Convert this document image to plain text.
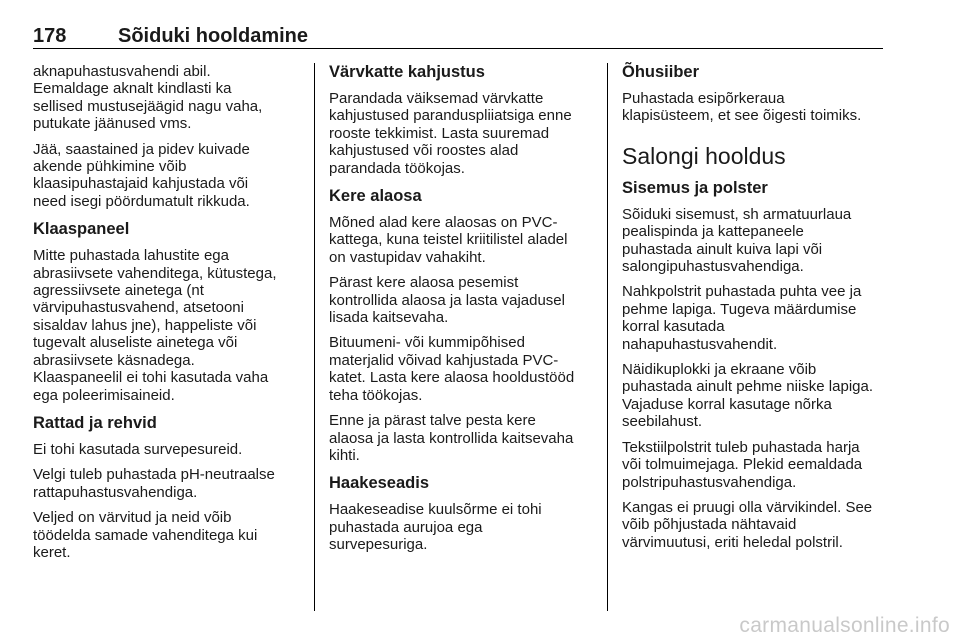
178	Sõiduki hooldamine

aknapuhastusvahendi abil.
Eemaldage aknalt kindlasti ka
sellised mustusejäägid nagu vaha,
putukate jäänused vms.

Jää, saastained ja pidev kuivade
akende pühkimine võib
klaasipuhastajaid kahjustada või
need isegi pöördumatult rikkuda.

Klaaspaneel

Mitte puhastada lahustite ega
abrasiivsete vahenditega, kütustega,
agressiivsete ainetega (nt
värvipuhastusvahend, atsetooni
sisaldav lahus jne), happeliste või
tugevalt aluseliste ainetega või
abrasiivsete käsnadega.
Klaaspaneelil ei tohi kasutada vaha
ega poleerimisaineid.

Rattad ja rehvid

Ei tohi kasutada survepesureid.

Velgi tuleb puhastada pH-neutraalse
rattapuhastusvahendiga.

Veljed on värvitud ja neid võib
töödelda samade vahenditega kui
keret.

Värvkatte kahjustus

Parandada väiksemad värvkatte
kahjustused paranduspliiatsiga enne
rooste tekkimist. Lasta suuremad
kahjustused või roostes alad
parandada töökojas.

Kere alaosa

Mõned alad kere alaosas on PVC-
kattega, kuna teistel kriitilistel aladel
on vastupidav vahakiht.

Pärast kere alaosa pesemist
kontrollida alaosa ja lasta vajadusel
lisada kaitsevaha.

Bituumeni- või kummipõhised
materjalid võivad kahjustada PVC-
katet. Lasta kere alaosa hooldustööd
teha töökojas.

Enne ja pärast talve pesta kere
alaosa ja lasta kontrollida kaitsevaha
kihti.

Haakeseadis

Haakeseadise kuulsõrme ei tohi
puhastada aurujoa ega
survepesuriga.

Õhusiiber

Puhastada esipõrkeraua
klapisüsteem, et see õigesti toimiks.

Salongi hooldus
Sisemus ja polster

Sõiduki sisemust, sh armatuurlaua
pealispinda ja kattepaneele
puhastada ainult kuiva lapi või
salongipuhastusvahendiga.

Nahkpolstrit puhastada puhta vee ja
pehme lapiga. Tugeva määrdumise
korral kasutada
nahapuhastusvahendit.

Näidikuplokki ja ekraane võib
puhastada ainult pehme niiske lapiga.
Vajaduse korral kasutage nõrka
seebilahust.

Tekstiilpolstrit tuleb puhastada harja
või tolmuimejaga. Plekid eemaldada
polstripuhastusvahendiga.

Kangas ei pruugi olla värvikindel. See
võib põhjustada nähtavaid
värvimuutusi, eriti heledal polstril.

carmanualsonline.info
